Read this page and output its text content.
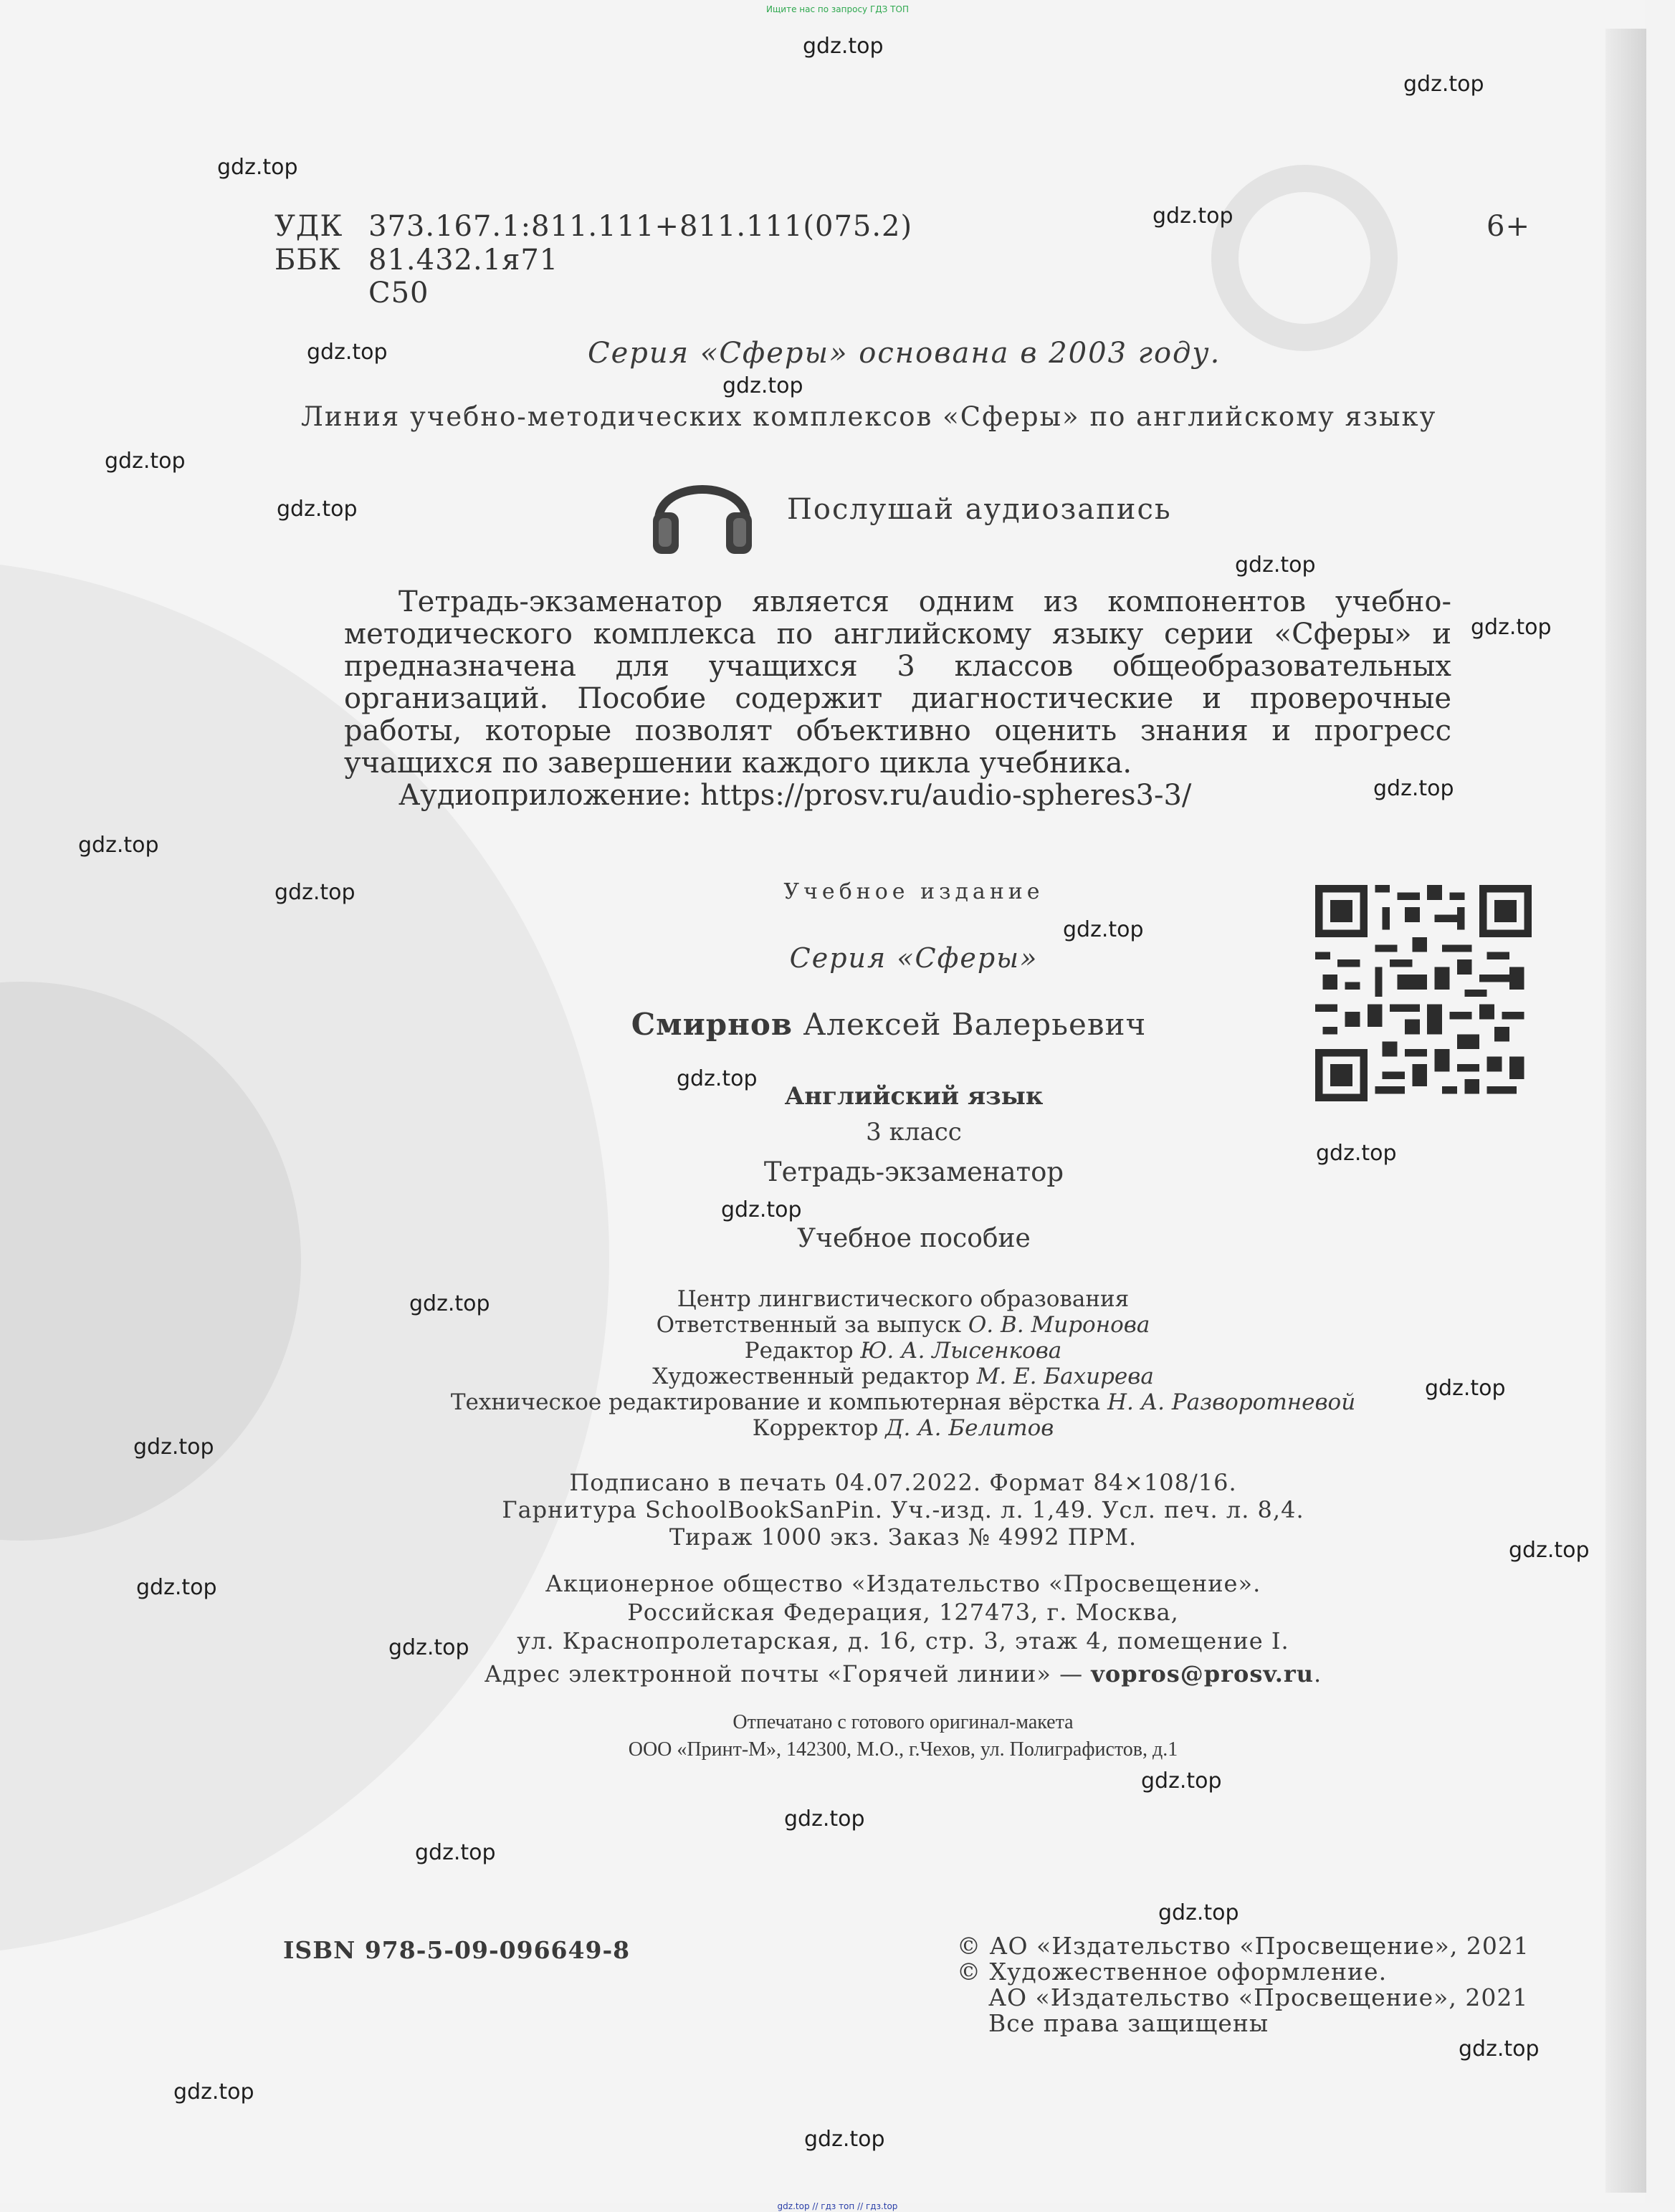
Ищите нас по запросу ГДЗ ТОП
gdz.top // гдз топ // гдз.top
gdz.top
gdz.top
gdz.top
gdz.top
gdz.top
gdz.top
gdz.top
gdz.top
gdz.top
gdz.top
gdz.top
gdz.top
gdz.top
gdz.top
gdz.top
gdz.top
gdz.top
gdz.top
gdz.top
gdz.top
gdz.top
gdz.top
gdz.top
gdz.top
gdz.top
gdz.top
gdz.top
gdz.top
gdz.top
gdz.top
УДК 373.167.1:811.111+811.111(075.2)
ББК 81.432.1я71
С50
6+
Серия «Сферы» основана в 2003 году.
Линия учебно-методических комплексов «Сферы» по английскому языку
Послушай аудиозапись

Тетрадь-экзаменатор является одним из компонентов учебно-методического комплекса по английскому языку серии «Сферы» и предназначена для учащихся 3 классов общеобразовательных организаций. Пособие содержит диагностические и проверочные работы, которые позволят объективно оценить знания и прогресс учащихся по завершении каждого цикла учебника.

Аудиоприложение: https://prosv.ru/audio-spheres3-3/
Учебное издание
Серия «Сферы»
Смирнов Алексей Валерьевич
Английский язык
3 класс
Тетрадь-экзаменатор
Учебное пособие
Центр лингвистического образования
Ответственный за выпуск О. В. Миронова
Редактор Ю. А. Лысенкова
Художественный редактор М. Е. Бахирева
Техническое редактирование и компьютерная вёрстка Н. А. Разворотневой
Корректор Д. А. Белитов
Подписано в печать 04.07.2022. Формат 84×108/16.
Гарнитура SchoolBookSanPin. Уч.-изд. л. 1,49. Усл. печ. л. 8,4.
Тираж 1000 экз. Заказ № 4992 ПРМ.
Акционерное общество «Издательство «Просвещение».
Российская Федерация, 127473, г. Москва,
ул. Краснопролетарская, д. 16, стр. 3, этаж 4, помещение I.
Адрес электронной почты «Горячей линии» — vopros@prosv.ru.
Отпечатано с готового оригинал-макета
ООО «Принт-М», 142300, М.О., г.Чехов, ул. Полиграфистов, д.1
ISBN 978-5-09-096649-8	© АО «Издательство «Просвещение», 2021
© Художественное оформление.
АО «Издательство «Просвещение», 2021
Все права защищены
